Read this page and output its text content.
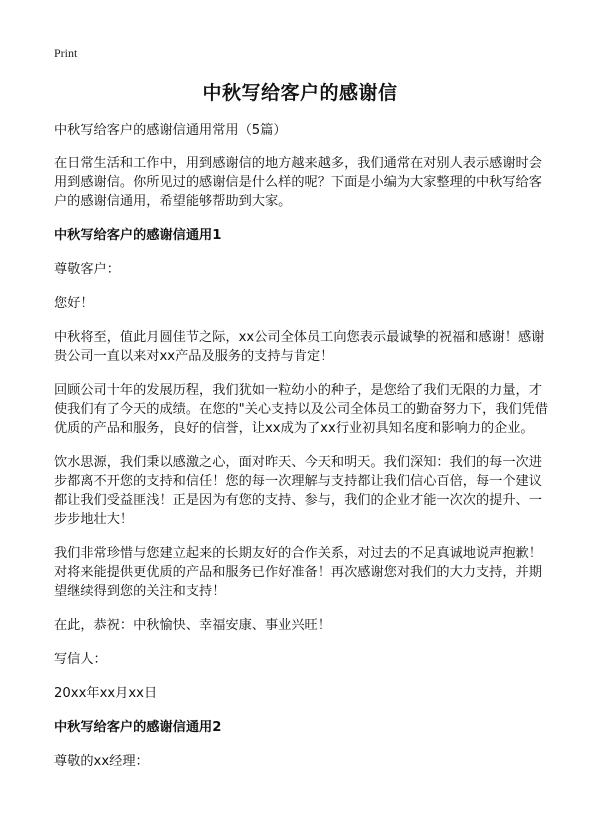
Print
中秋写给客户的感谢信

中秋写给客户的感谢信通用常用（5篇）

在日常生活和工作中，用到感谢信的地方越来越多，我们通常在对别人表示感谢时会用到感谢信。你所见过的感谢信是什么样的呢？下面是小编为大家整理的中秋写给客户的感谢信通用，希望能够帮助到大家。

中秋写给客户的感谢信通用1

尊敬客户：

您好！

中秋将至，值此月圆佳节之际，xx公司全体员工向您表示最诚挚的祝福和感谢！感谢贵公司一直以来对xx产品及服务的支持与肯定！

回顾公司十年的发展历程，我们犹如一粒幼小的种子，是您给了我们无限的力量，才使我们有了今天的成绩。在您的"关心支持以及公司全体员工的勤奋努力下，我们凭借优质的产品和服务，良好的信誉，让xx成为了xx行业初具知名度和影响力的企业。

饮水思源，我们秉以感激之心，面对昨天、今天和明天。我们深知：我们的每一次进步都离不开您的支持和信任！您的每一次理解与支持都让我们信心百倍，每一个建议都让我们受益匪浅！正是因为有您的支持、参与，我们的企业才能一次次的提升、一步步地壮大！

我们非常珍惜与您建立起来的长期友好的合作关系，对过去的不足真诚地说声抱歉！对将来能提供更优质的产品和服务已作好准备！再次感谢您对我们的大力支持，并期望继续得到您的关注和支持！

在此，恭祝：中秋愉快、幸福安康、事业兴旺！

写信人：

20xx年xx月xx日

中秋写给客户的感谢信通用2

尊敬的xx经理：
